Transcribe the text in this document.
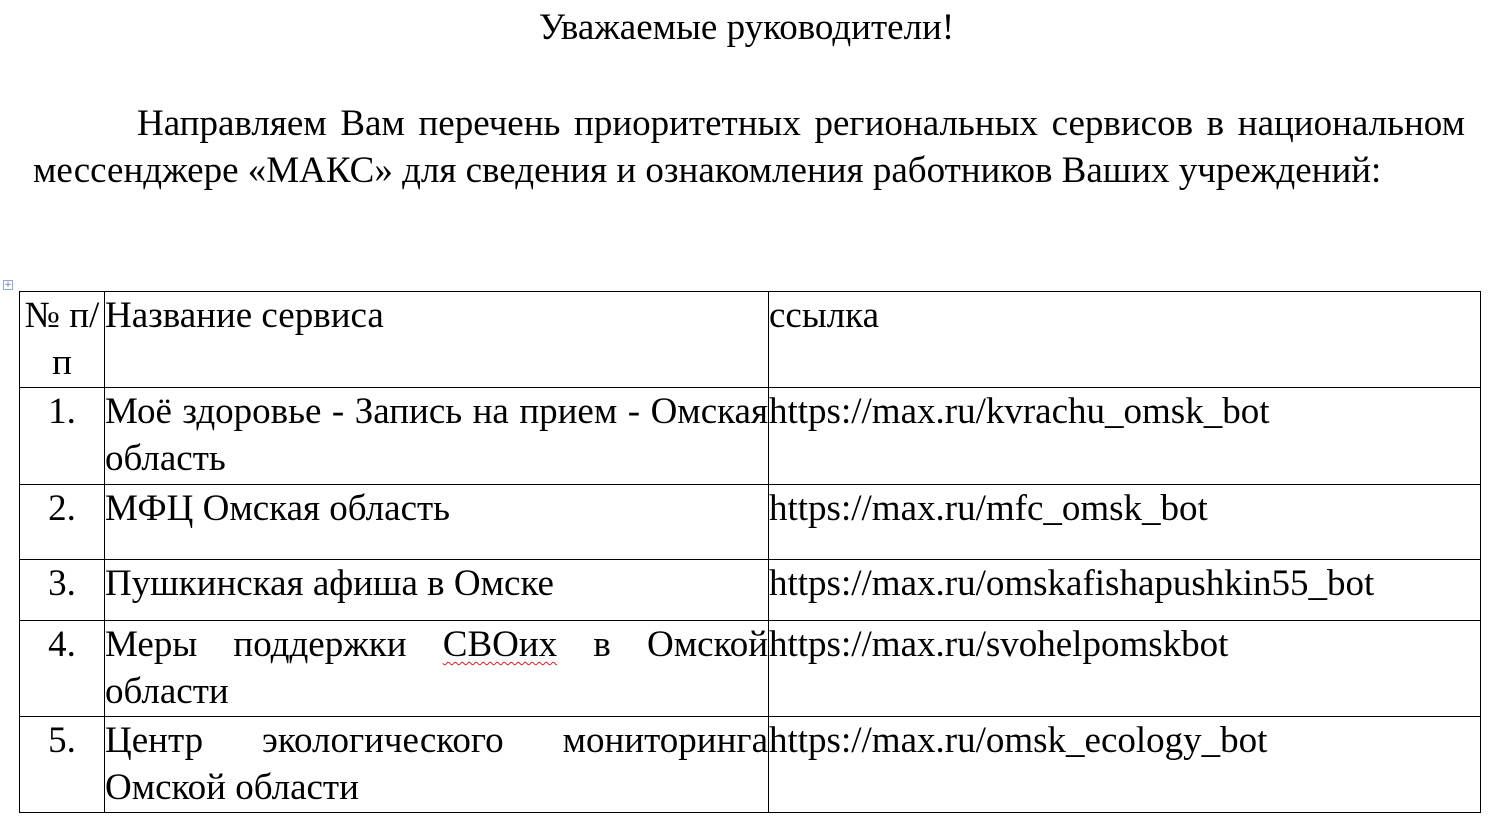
Уважаемые руководители!

Направляем Вам перечень приоритетных региональных сервисов в национальном мессенджере «МАКС» для сведения и ознакомления работников Ваших учреждений:

+
№ п/п	Название сервиса	ссылка
1.	Моё здоровье - Запись на прием - Омская область	https://max.ru/kvrachu_omsk_bot
2.	МФЦ Омская область	https://max.ru/mfc_omsk_bot
3.	Пушкинская афиша в Омске	https://max.ru/omskafishapushkin55_bot
4.	Меры поддержки СВОих в Омской области	https://max.ru/svohelpomskbot
5.	Центр экологического мониторинга Омской области	https://max.ru/omsk_ecology_bot
